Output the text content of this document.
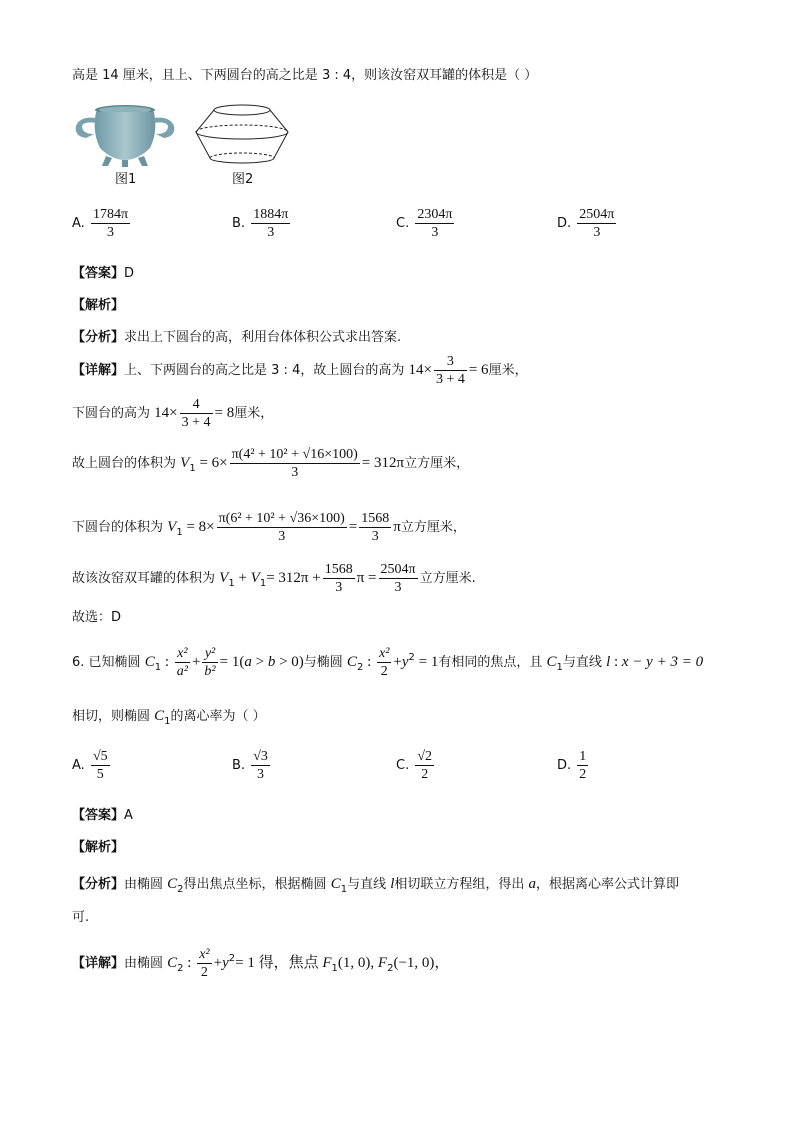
高是 14 厘米，且上、下两圆台的高之比是 3 : 4，则该汝窑双耳罐的体积是（ ）
图1	图2
A. $\frac{1784\pi}{3}$	B. $\frac{1884\pi}{3}$	C. $\frac{2304\pi}{3}$	D. $\frac{2504\pi}{3}$
【答案】D
【解析】
【分析】求出上下圆台的高，利用台体体积公式求出答案.
【详解】上、下两圆台的高之比是 3 : 4，故上圆台的高为 $14\times \frac{3}{3 + 4} = 6$厘米，
下圆台的高为 $14\times \frac{4}{3 + 4} = 8$厘米，
故上圆台的体积为 $V_1 = 6\times \frac{\text{π(4² + 10² + √16×100)}}{3} = 312\pi$立方厘米，
下圆台的体积为 $V_1 = 8\times \frac{\text{π(6² + 10² + √36×100)}}{3} = \frac{1568}{3}$ π立方厘米，
故该汝窑双耳罐的体积为 $V_1 + V_1= 312\pi + \frac{1568}{3}$ $\pi = \frac{2504\pi}{3}$ 立方厘米.
故选：D
6. 已知椭圆 $C_1$ : $\frac{\text{x²}}{\text{a²}} + \frac{\text{y²}}{\text{b²}} = 1(a > b > 0)$与椭圆 $C_2$ : $\frac{\text{x²}}{2} +y^2 = 1$有相同的焦点，且 $C_1$与直线 l : x − y + 3 = 0
相切，则椭圆 $C_1$的离心率为（ ）
A. $\frac{√5}{5}$	B. $\frac{√3}{3}$	C. $\frac{√2}{2}$	D. $\frac{1}{2}$
【答案】A
【解析】
【分析】由椭圆 $C_2$得出焦点坐标，根据椭圆 $C_1$与直线 l相切联立方程组，得出 a，根据离心率公式计算即
可.
【详解】由椭圆 $C_2$ : $\frac{\text{x²}}{2} +y^2= 1$ 得，焦点 $F_1(1$, 0), $F_2(-1$, 0)，
